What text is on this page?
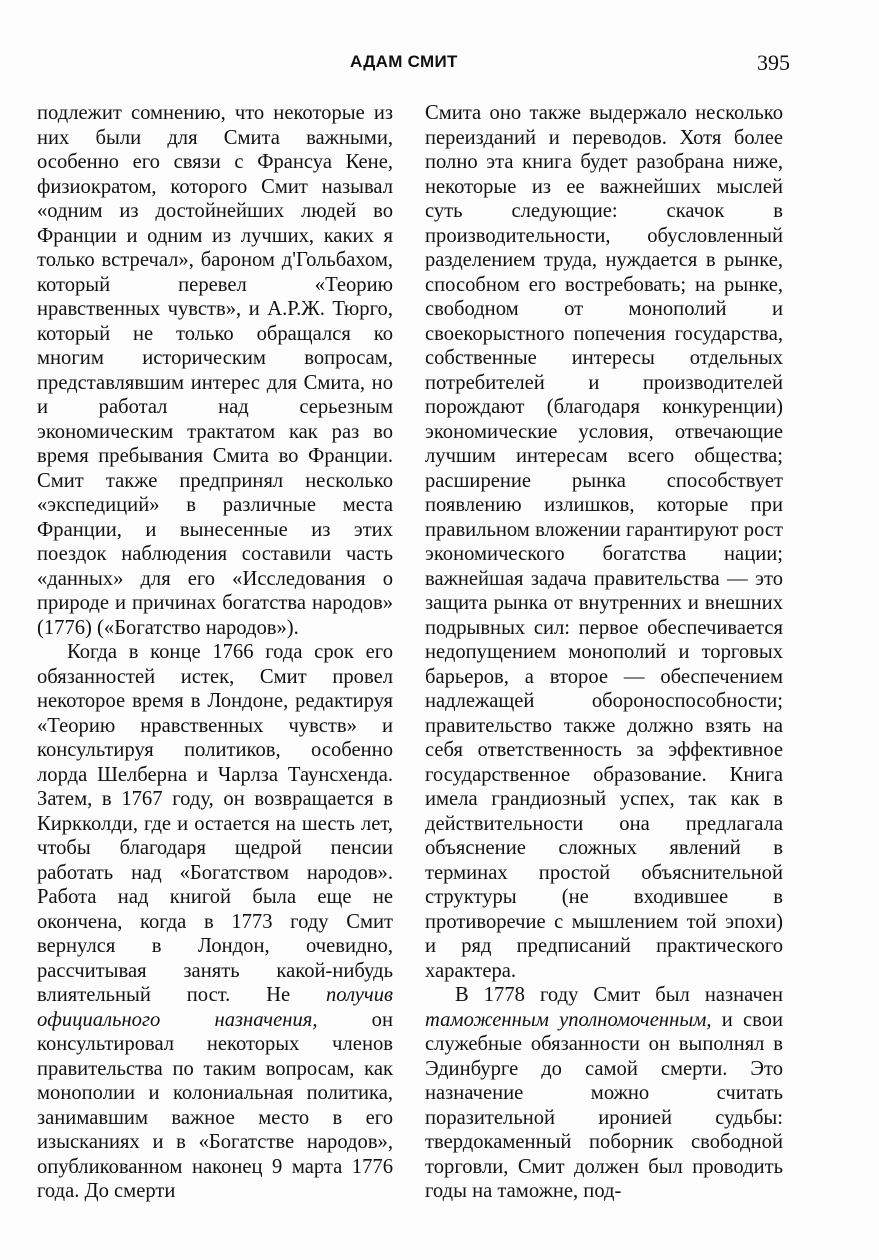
АДАМ СМИТ	395

подлежит сомнению, что некоторые из них были для Смита важными, особенно его связи с Франсуа Кене, физиократом, которого Смит называл «одним из достойнейших людей во Франции и одним из лучших, каких я только встречал», бароном д'Гольбахом, который перевел «Теорию нравственных чувств», и А.Р.Ж. Тюрго, который не только обращался ко многим историческим вопросам, представлявшим интерес для Смита, но и работал над серьезным экономическим трактатом как раз во время пребывания Смита во Франции. Смит также предпринял несколько «экспедиций» в различные места Франции, и вынесенные из этих поездок наблюдения составили часть «данных» для его «Исследования о природе и причинах богатства народов» (1776) («Богатство народов»).

Когда в конце 1766 года срок его обязанностей истек, Смит провел некоторое время в Лондоне, редактируя «Теорию нравственных чувств» и консультируя политиков, особенно лорда Шелберна и Чарлза Таунсхенда. Затем, в 1767 году, он возвращается в Киркколди, где и остается на шесть лет, чтобы благодаря щедрой пенсии работать над «Богатством народов». Работа над книгой была еще не окончена, когда в 1773 году Смит вернулся в Лондон, очевидно, рассчитывая занять какой-нибудь влиятельный пост. Не получив официального назначения, он консультировал некоторых членов правительства по таким вопросам, как монополии и колониальная политика, занимавшим важное место в его изысканиях и в «Богатстве народов», опубликованном наконец 9 марта 1776 года. До смерти

Смита оно также выдержало несколько переизданий и переводов. Хотя более полно эта книга будет разобрана ниже, некоторые из ее важнейших мыслей суть следующие: скачок в производительности, обусловленный разделением труда, нуждается в рынке, способном его востребовать; на рынке, свободном от монополий и своекорыстного попечения государства, собственные интересы отдельных потребителей и производителей порождают (благодаря конкуренции) экономические условия, отвечающие лучшим интересам всего общества; расширение рынка способствует появлению излишков, которые при правильном вложении гарантируют рост экономического богатства нации; важнейшая задача правительства — это защита рынка от внутренних и внешних подрывных сил: первое обеспечивается недопущением монополий и торговых барьеров, а второе — обеспечением надлежащей обороноспособности; правительство также должно взять на себя ответственность за эффективное государственное образование. Книга имела грандиозный успех, так как в действительности она предлагала объяснение сложных явлений в терминах простой объяснительной структуры (не входившее в противоречие с мышлением той эпохи) и ряд предписаний практического характера.

В 1778 году Смит был назначен таможенным уполномоченным, и свои служебные обязанности он выполнял в Эдинбурге до самой смерти. Это назначение можно считать поразительной иронией судьбы: твердокаменный поборник свободной торговли, Смит должен был проводить годы на таможне, под-
